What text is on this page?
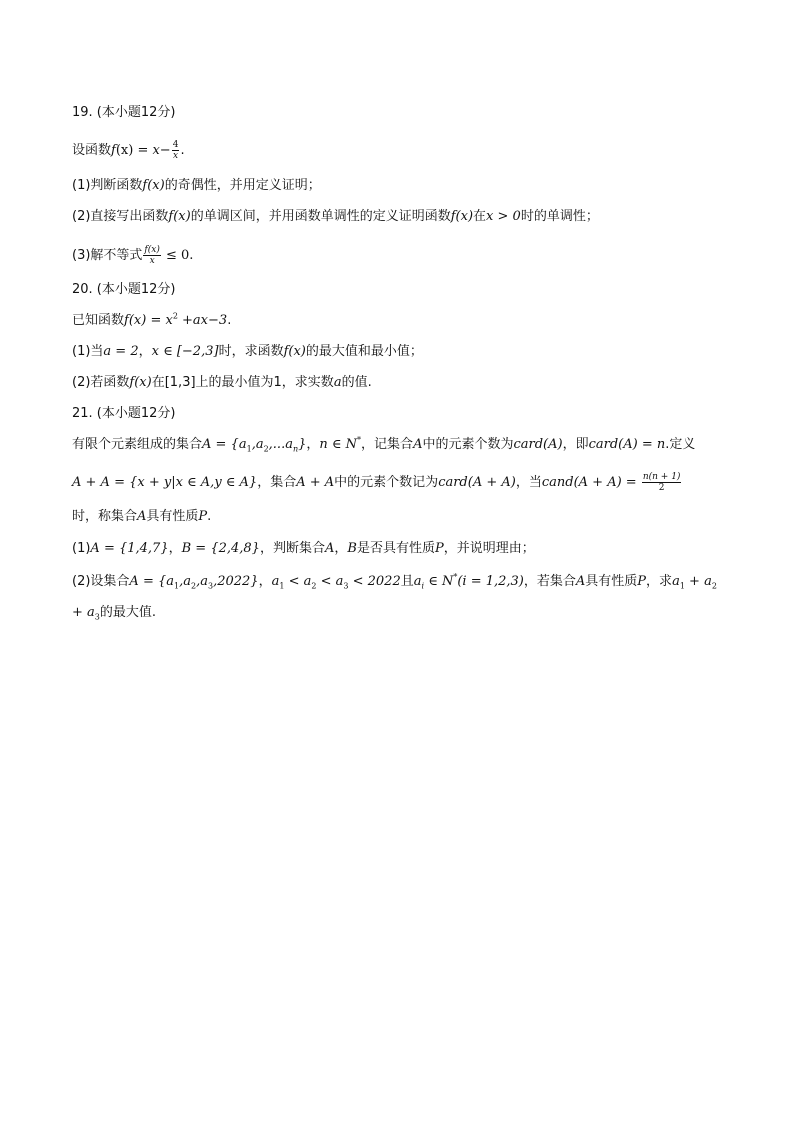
19. (本小题12分)
设函数$f(x) = x- \frac{4}{x}$ .
(1)判断函数f(x)的奇偶性，并用定义证明；
(2)直接写出函数f(x)的单调区间，并用函数单调性的定义证明函数f(x)在x > 0时的单调性；
(3)解不等式 $\frac{f(x)}{x} \le 0$.
20. (本小题12分)
已知函数$f(x) = x^2 +ax-3$.
(1)当a = 2，x ∈ [−2,3]时，求函数f(x)的最大值和最小值；
(2)若函数f(x)在[1,3]上的最小值为1，求实数a的值.
21. (本小题12分)
有限个元素组成的集合$A = \{a_1,a_2,...a_n\}$，n ∈ N*，记集合A中的元素个数为card(A)，即card(A) = n.定义
A + A = {x + y|x ∈ A,y ∈ A}，集合A + A中的元素个数记为card(A + A)，当cand(A + $A) = \frac{n(n + 1)}{2}$
时，称集合A具有性质P.
(1)A = {1,4,7}，B = {2,4,8}，判断集合A，B是否具有性质P，并说明理由；
(2)设集合$A = \{a_1,a_2,a_3,2022\}$，$a_1 < a_2 < a_3 < 2022$且$a_i$ ∈ N*(i = 1,2,3)，若集合A具有性质P，求$a_1 + a_2$
+ $a_3$的最大值.
